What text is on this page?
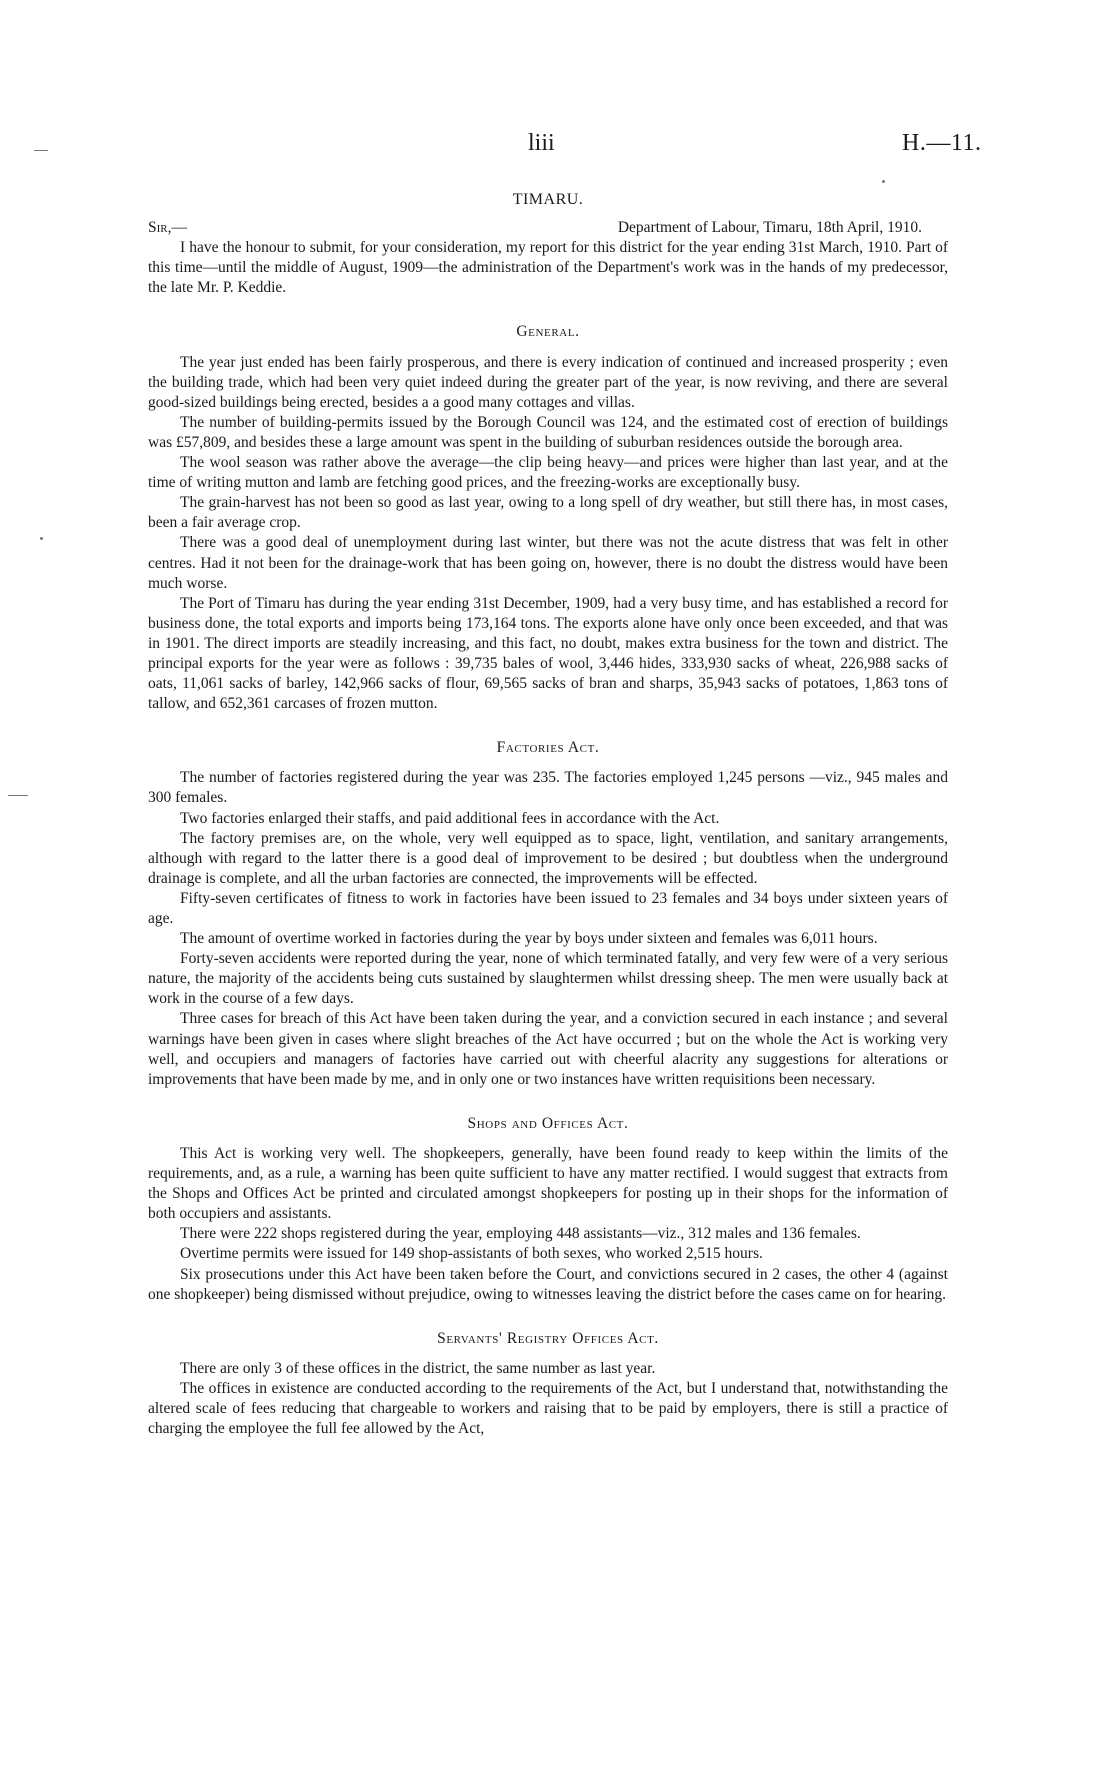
liii	H.—11.
TIMARU.
Sir,—	Department of Labour, Timaru, 18th April, 1910.

I have the honour to submit, for your consideration, my report for this district for the year ending 31st March, 1910. Part of this time—until the middle of August, 1909—the administration of the Department's work was in the hands of my predecessor, the late Mr. P. Keddie.

General.

The year just ended has been fairly prosperous, and there is every indication of continued and increased prosperity ; even the building trade, which had been very quiet indeed during the greater part of the year, is now reviving, and there are several good-sized buildings being erected, besides a a good many cottages and villas.

The number of building-permits issued by the Borough Council was 124, and the estimated cost of erection of buildings was £57,809, and besides these a large amount was spent in the building of suburban residences outside the borough area.

The wool season was rather above the average—the clip being heavy—and prices were higher than last year, and at the time of writing mutton and lamb are fetching good prices, and the freezing-works are exceptionally busy.

The grain-harvest has not been so good as last year, owing to a long spell of dry weather, but still there has, in most cases, been a fair average crop.

There was a good deal of unemployment during last winter, but there was not the acute distress that was felt in other centres. Had it not been for the drainage-work that has been going on, however, there is no doubt the distress would have been much worse.

The Port of Timaru has during the year ending 31st December, 1909, had a very busy time, and has established a record for business done, the total exports and imports being 173,164 tons. The exports alone have only once been exceeded, and that was in 1901. The direct imports are steadily increasing, and this fact, no doubt, makes extra business for the town and district. The principal exports for the year were as follows : 39,735 bales of wool, 3,446 hides, 333,930 sacks of wheat, 226,988 sacks of oats, 11,061 sacks of barley, 142,966 sacks of flour, 69,565 sacks of bran and sharps, 35,943 sacks of potatoes, 1,863 tons of tallow, and 652,361 carcases of frozen mutton.

Factories Act.

The number of factories registered during the year was 235. The factories employed 1,245 persons —viz., 945 males and 300 females.

Two factories enlarged their staffs, and paid additional fees in accordance with the Act.

The factory premises are, on the whole, very well equipped as to space, light, ventilation, and sanitary arrangements, although with regard to the latter there is a good deal of improvement to be desired ; but doubtless when the underground drainage is complete, and all the urban factories are connected, the improvements will be effected.

Fifty-seven certificates of fitness to work in factories have been issued to 23 females and 34 boys under sixteen years of age.

The amount of overtime worked in factories during the year by boys under sixteen and females was 6,011 hours.

Forty-seven accidents were reported during the year, none of which terminated fatally, and very few were of a very serious nature, the majority of the accidents being cuts sustained by slaughtermen whilst dressing sheep. The men were usually back at work in the course of a few days.

Three cases for breach of this Act have been taken during the year, and a conviction secured in each instance ; and several warnings have been given in cases where slight breaches of the Act have occurred ; but on the whole the Act is working very well, and occupiers and managers of factories have carried out with cheerful alacrity any suggestions for alterations or improvements that have been made by me, and in only one or two instances have written requisitions been necessary.

Shops and Offices Act.

This Act is working very well. The shopkeepers, generally, have been found ready to keep within the limits of the requirements, and, as a rule, a warning has been quite sufficient to have any matter rectified. I would suggest that extracts from the Shops and Offices Act be printed and circulated amongst shopkeepers for posting up in their shops for the information of both occupiers and assistants.

There were 222 shops registered during the year, employing 448 assistants—viz., 312 males and 136 females.

Overtime permits were issued for 149 shop-assistants of both sexes, who worked 2,515 hours.

Six prosecutions under this Act have been taken before the Court, and convictions secured in 2 cases, the other 4 (against one shopkeeper) being dismissed without prejudice, owing to witnesses leaving the district before the cases came on for hearing.

Servants' Registry Offices Act.

There are only 3 of these offices in the district, the same number as last year.

The offices in existence are conducted according to the requirements of the Act, but I understand that, notwithstanding the altered scale of fees reducing that chargeable to workers and raising that to be paid by employers, there is still a practice of charging the employee the full fee allowed by the Act,
